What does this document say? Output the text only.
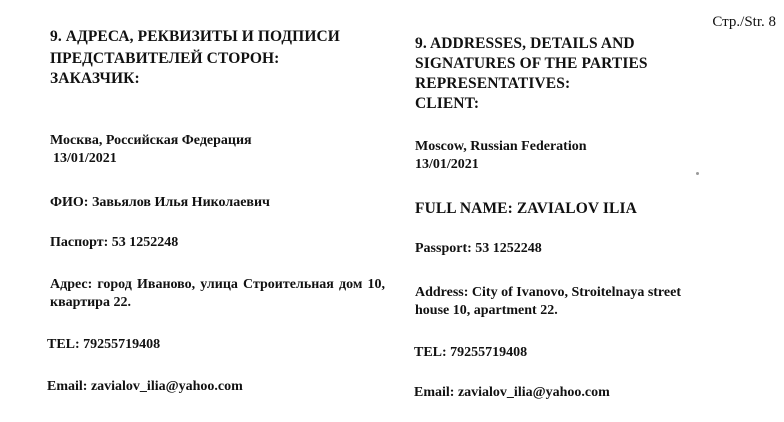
Стр./Str. 8
9. АДРЕСА, РЕКВИЗИТЫ И ПОДПИСИ
ПРЕДСТАВИТЕЛЕЙ СТОРОН:
ЗАКАЗЧИК:
Москва, Российская Федерация
13/01/2021
ФИО: Завьялов Илья Николаевич
Паспорт: 53 1252248
Адрес: город Иваново, улица Строительная дом 10, квартира 22.
TEL: 79255719408
Email: zavialov_ilia@yahoo.com
9. ADDRESSES, DETAILS AND
SIGNATURES OF THE PARTIES
REPRESENTATIVES:
CLIENT:
Moscow, Russian Federation
13/01/2021
FULL NAME: ZAVIALOV ILIA
Passport: 53 1252248
Address: City of Ivanovo, Stroitelnaya street
house 10, apartment 22.
TEL: 79255719408
Email: zavialov_ilia@yahoo.com
